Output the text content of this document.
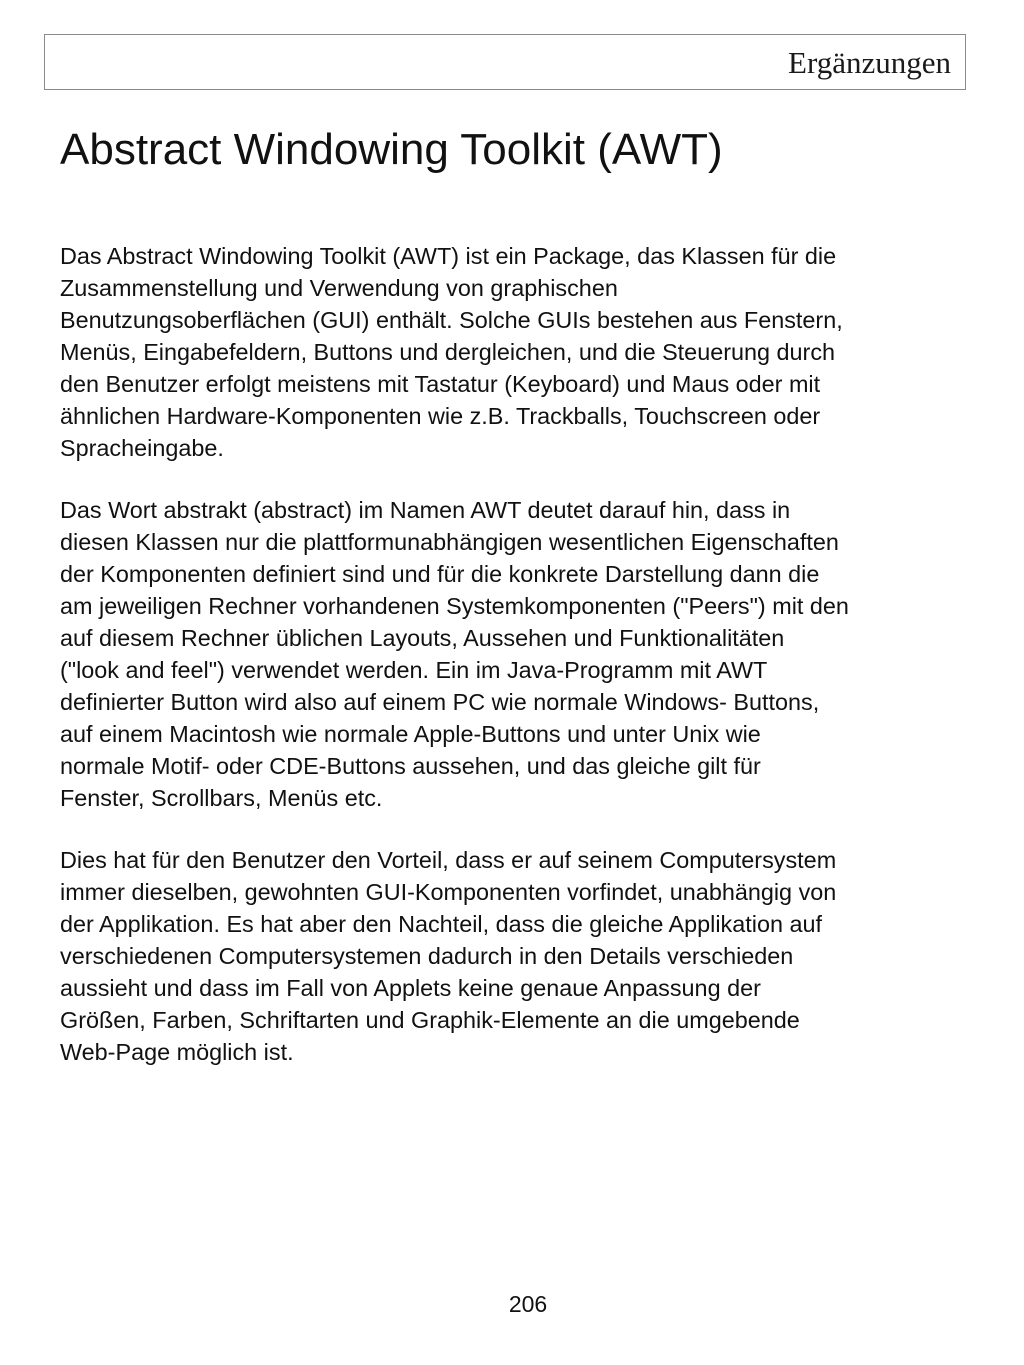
Ergänzungen
Abstract Windowing Toolkit (AWT)

Das Abstract Windowing Toolkit (AWT) ist ein Package, das Klassen für die
Zusammenstellung und Verwendung von graphischen
Benutzungsoberflächen (GUI) enthält. Solche GUIs bestehen aus Fenstern,
Menüs, Eingabefeldern, Buttons und dergleichen, und die Steuerung durch
den Benutzer erfolgt meistens mit Tastatur (Keyboard) und Maus oder mit
ähnlichen Hardware-Komponenten wie z.B. Trackballs, Touchscreen oder
Spracheingabe.

Das Wort abstrakt (abstract) im Namen AWT deutet darauf hin, dass in
diesen Klassen nur die plattformunabhängigen wesentlichen Eigenschaften
der Komponenten definiert sind und für die konkrete Darstellung dann die
am jeweiligen Rechner vorhandenen Systemkomponenten ("Peers") mit den
auf diesem Rechner üblichen Layouts, Aussehen und Funktionalitäten
("look and feel") verwendet werden. Ein im Java-Programm mit AWT
definierter Button wird also auf einem PC wie normale Windows- Buttons,
auf einem Macintosh wie normale Apple-Buttons und unter Unix wie
normale Motif- oder CDE-Buttons aussehen, und das gleiche gilt für
Fenster, Scrollbars, Menüs etc.

Dies hat für den Benutzer den Vorteil, dass er auf seinem Computersystem
immer dieselben, gewohnten GUI-Komponenten vorfindet, unabhängig von
der Applikation. Es hat aber den Nachteil, dass die gleiche Applikation auf
verschiedenen Computersystemen dadurch in den Details verschieden
aussieht und dass im Fall von Applets keine genaue Anpassung der
Größen, Farben, Schriftarten und Graphik-Elemente an die umgebende
Web-Page möglich ist.

206
